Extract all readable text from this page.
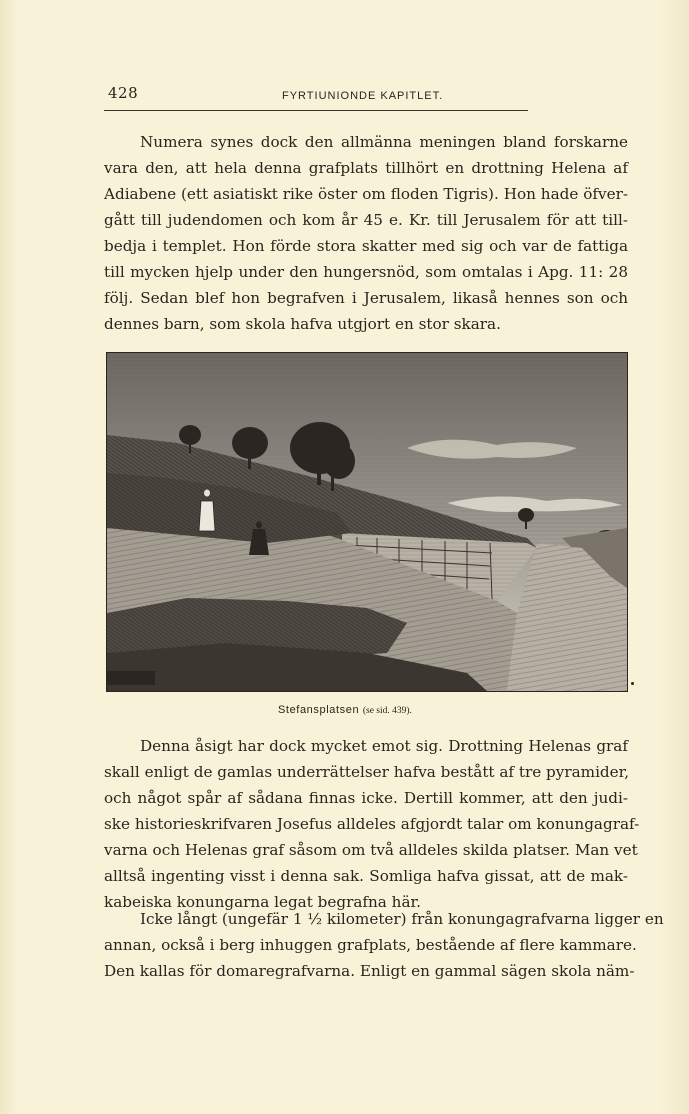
428	FYRTIUNIONDE KAPITLET.

Numera synes dock den allmänna meningen bland forskarne
vara den, att hela denna grafplats tillhört en drottning Helena af
Adiabene (ett asiatiskt rike öster om floden Tigris). Hon hade öfver-
gått till judendomen och kom år 45 e. Kr. till Jerusalem för att till-
bedja i templet. Hon förde stora skatter med sig och var de fattiga
till mycken hjelp under den hungersnöd, som omtalas i Apg. 11: 28
följ. Sedan blef hon begrafven i Jerusalem, likaså hennes son och
dennes barn, som skola hafva utgjort en stor skara.

Stefansplatsen (se sid. 439).

Denna åsigt har dock mycket emot sig. Drottning Helenas graf
skall enligt de gamlas underrättelser hafva bestått af tre pyramider,
och något spår af sådana finnas icke. Dertill kommer, att den judi-
ske historieskrifvaren Josefus alldeles afgjordt talar om konungagraf-
varna och Helenas graf såsom om två alldeles skilda platser. Man vet
alltså ingenting visst i denna sak. Somliga hafva gissat, att de mak-
kabeiska konungarna legat begrafna här.

Icke långt (ungefär 1 ½ kilometer) från konungagrafvarna ligger en
annan, också i berg inhuggen grafplats, bestående af flere kammare.
Den kallas för domaregrafvarna. Enligt en gammal sägen skola näm-
